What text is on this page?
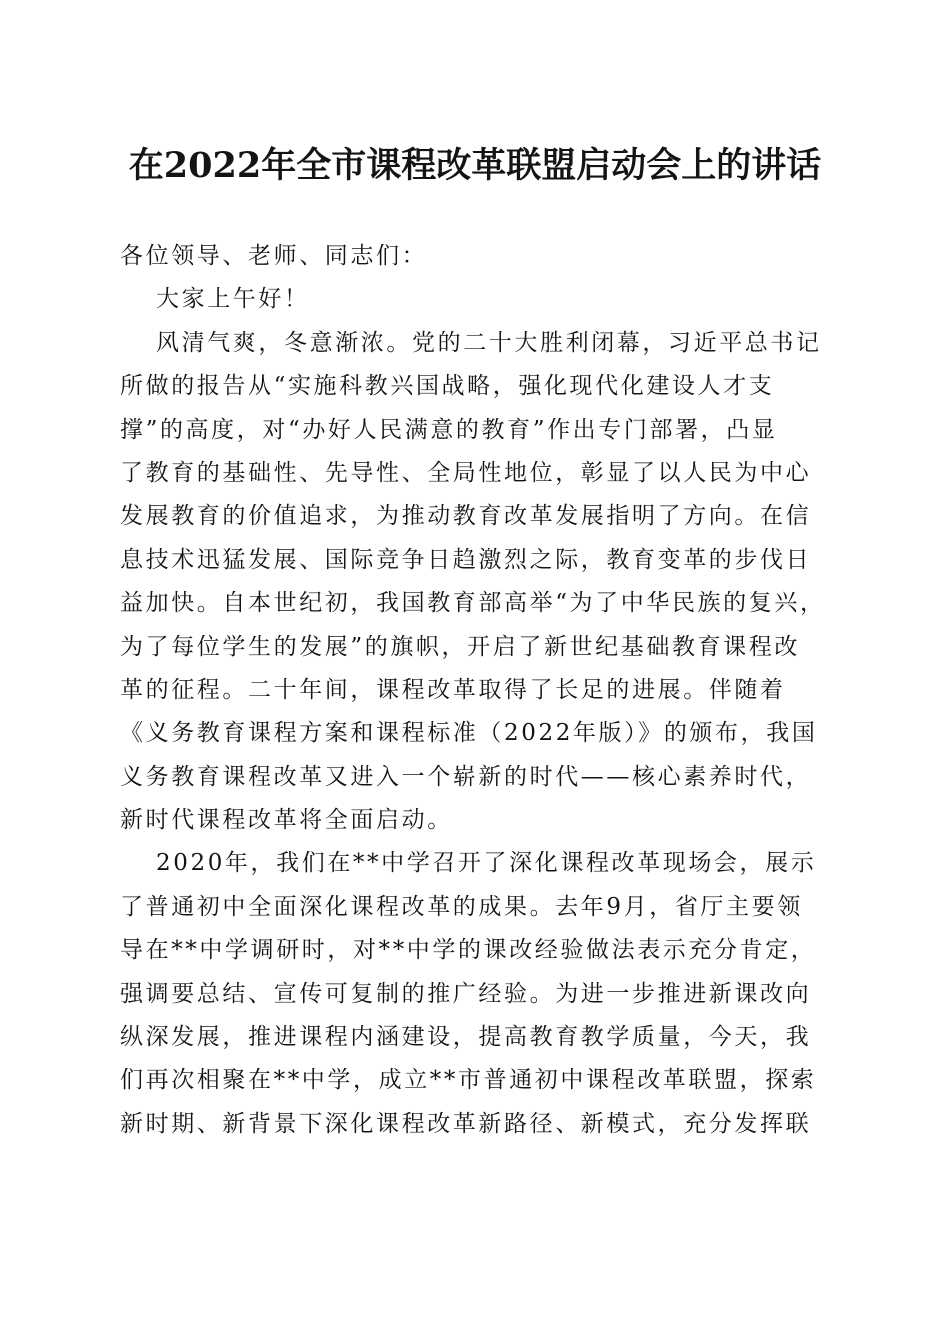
在2022年全市课程改革联盟启动会上的讲话
各位领导、老师、同志们：
大家上午好！
风清气爽，冬意渐浓。党的二十大胜利闭幕，习近平总书记
所做的报告从“实施科教兴国战略，强化现代化建设人才支
撑”的高度，对“办好人民满意的教育”作出专门部署，凸显
了教育的基础性、先导性、全局性地位，彰显了以人民为中心
发展教育的价值追求，为推动教育改革发展指明了方向。在信
息技术迅猛发展、国际竞争日趋激烈之际，教育变革的步伐日
益加快。自本世纪初，我国教育部高举“为了中华民族的复兴，
为了每位学生的发展”的旗帜，开启了新世纪基础教育课程改
革的征程。二十年间，课程改革取得了长足的进展。伴随着
《义务教育课程方案和课程标准（2022年版）》的颁布，我国
义务教育课程改革又进入一个崭新的时代——核心素养时代，
新时代课程改革将全面启动。
2020年，我们在**中学召开了深化课程改革现场会，展示
了普通初中全面深化课程改革的成果。去年9月，省厅主要领
导在**中学调研时，对**中学的课改经验做法表示充分肯定，
强调要总结、宣传可复制的推广经验。为进一步推进新课改向
纵深发展，推进课程内涵建设，提高教育教学质量，今天，我
们再次相聚在**中学，成立**市普通初中课程改革联盟，探索
新时期、新背景下深化课程改革新路径、新模式，充分发挥联
